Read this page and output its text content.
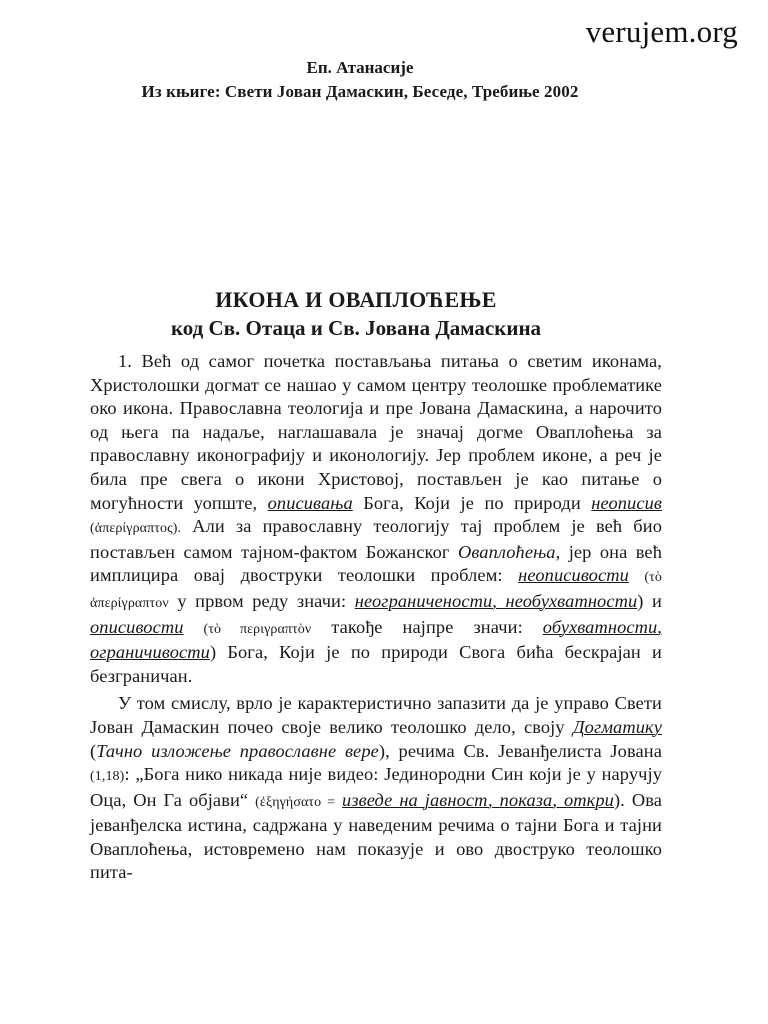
verujem.org
Еп. Атанасије
Из књиге: Свети Јован Дамаскин, Беседе, Требиње 2002
ИКОНА И ОВАПЛОЋЕЊЕ
код Св. Отаца и Св. Јована Дамаскина

1. Већ од самог почетка постављања питања о светим иконама, Христолошки догмат се нашао у самом центру теолошке проблематике око икона. Православна теологија и пре Јована Дамаскина, а нарочито од њега па надаље, наглашавала је значај догме Оваплоћења за православну иконографију и иконологију. Јер проблем иконе, а реч је била пре свега о икони Христовој, постављен је као питање о могућности уопште, описивања Бога, Који је по природи неописив (ἀπερίγραπτος). Али за православну теологију тај проблем је већ био постављен самом тајном-фактом Божанског Оваплоћења, јер она већ имплицира овај двоструки теолошки проблем: неописивости (τὸ ἀπερίγραπτον у првом реду значи: неограничености, необухватности) и описивости (τὸ περιγραπτὸν такође најпре значи: обухватности, ограничивости) Бога, Који је по природи Свога бића бескрајан и безграничан.

У том смислу, врло је карактеристично запазити да је управо Свети Јован Дамаскин почео своје велико теолошко дело, своју Догматику (Тачно изложење православне вере), речима Св. Јеванђелиста Јована (1,18): „Бога нико никада није видео: Јединородни Син који је у наручју Оца, Он Га објави“ (ἐξηγήσατο = изведе на јавност, показа, откри). Ова јеванђелска истина, садржана у наведеним речима о тајни Бога и тајни Оваплоћења, истовремено нам показује и ово двоструко теолошко пита-
